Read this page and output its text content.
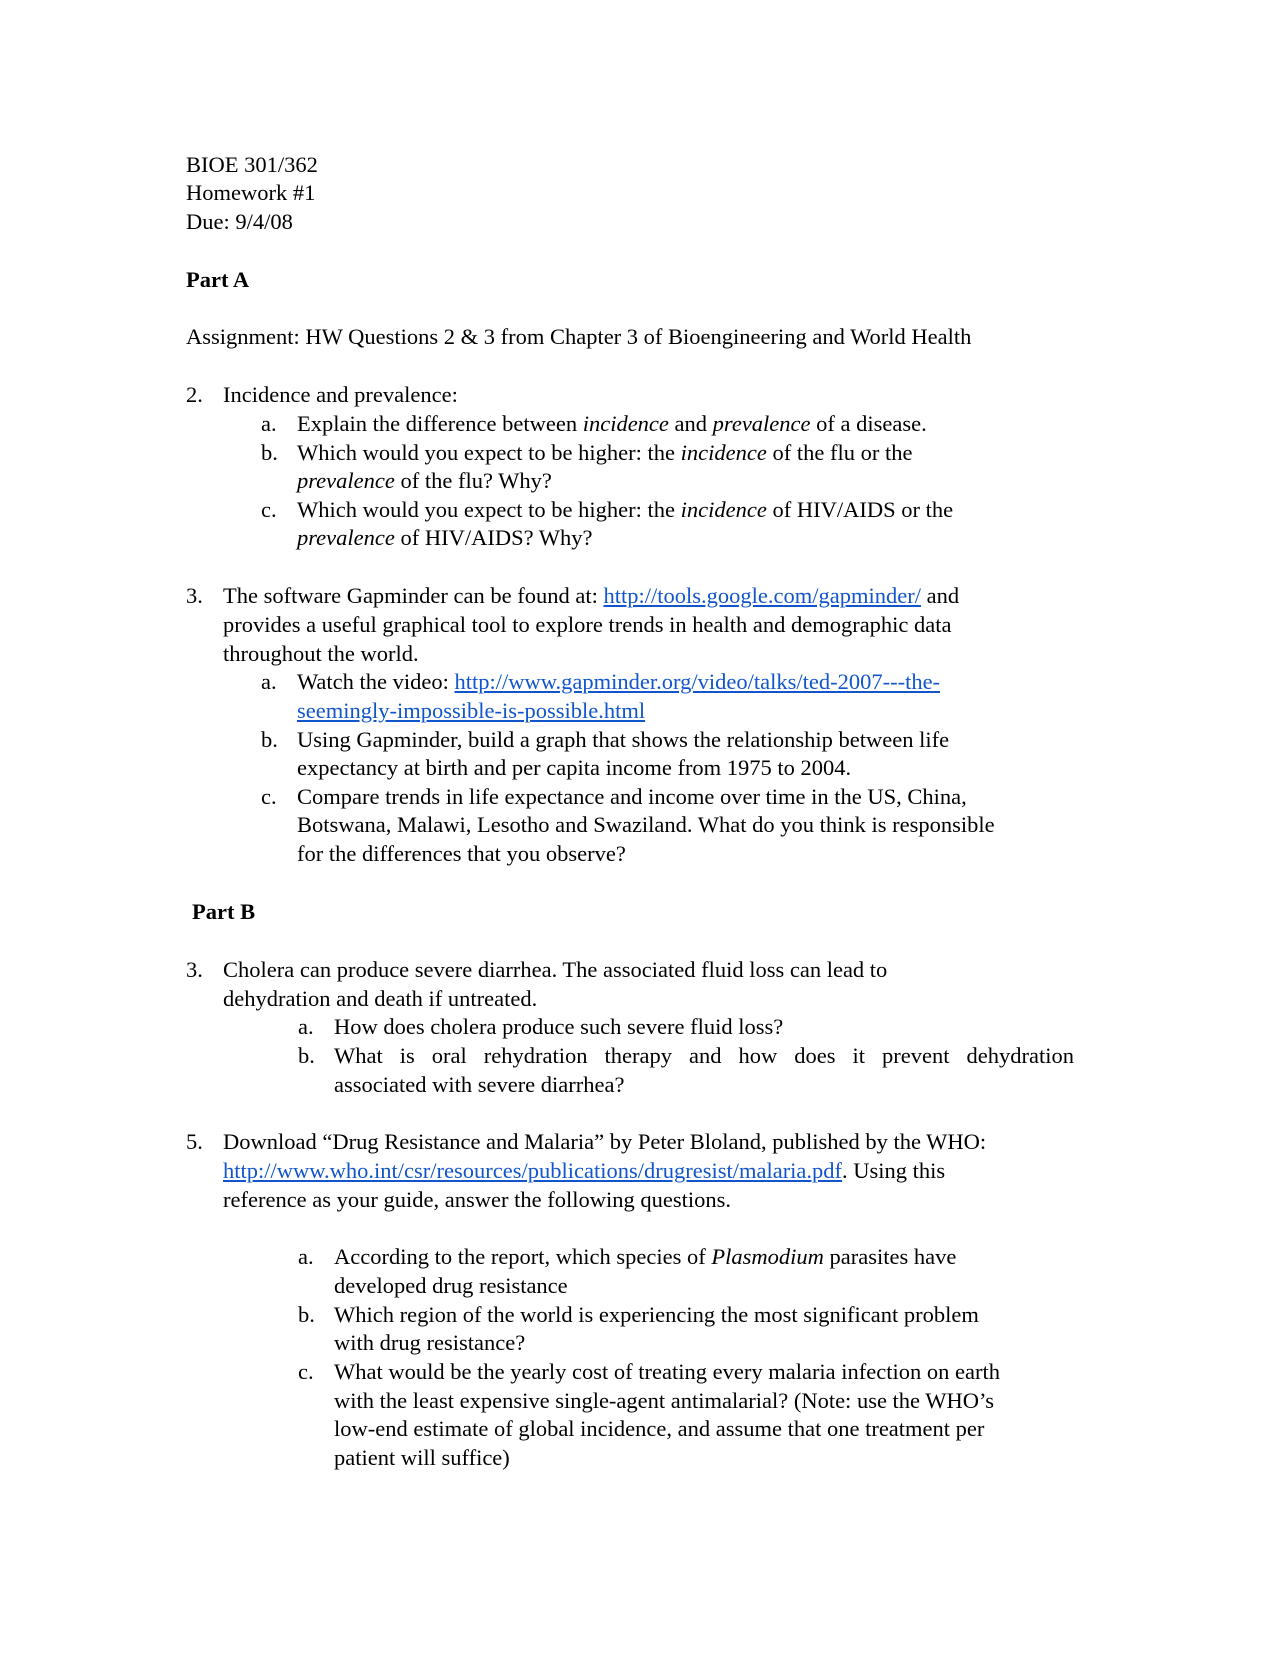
BIOE 301/362
Homework #1
Due: 9/4/08
Part A
Assignment: HW Questions 2 & 3 from Chapter 3 of Bioengineering and World Health
2. Incidence and prevalence:
a. Explain the difference between incidence and prevalence of a disease.
b. Which would you expect to be higher: the incidence of the flu or the
prevalence of the flu? Why?
c. Which would you expect to be higher: the incidence of HIV/AIDS or the
prevalence of HIV/AIDS? Why?
3. The software Gapminder can be found at: http://tools.google.com/gapminder/ and
provides a useful graphical tool to explore trends in health and demographic data
throughout the world.
a. Watch the video: http://www.gapminder.org/video/talks/ted-2007---the-
seemingly-impossible-is-possible.html
b. Using Gapminder, build a graph that shows the relationship between life
expectancy at birth and per capita income from 1975 to 2004.
c. Compare trends in life expectance and income over time in the US, China,
Botswana, Malawi, Lesotho and Swaziland. What do you think is responsible
for the differences that you observe?
Part B
3. Cholera can produce severe diarrhea. The associated fluid loss can lead to
dehydration and death if untreated.
a. How does cholera produce such severe fluid loss?
b. What is oral rehydration therapy and how does it prevent dehydration
associated with severe diarrhea?
5. Download “Drug Resistance and Malaria” by Peter Bloland, published by the WHO:
http://www.who.int/csr/resources/publications/drugresist/malaria.pdf. Using this
reference as your guide, answer the following questions.
a. According to the report, which species of Plasmodium parasites have
developed drug resistance
b. Which region of the world is experiencing the most significant problem
with drug resistance?
c. What would be the yearly cost of treating every malaria infection on earth
with the least expensive single-agent antimalarial? (Note: use the WHO’s
low-end estimate of global incidence, and assume that one treatment per
patient will suffice)
